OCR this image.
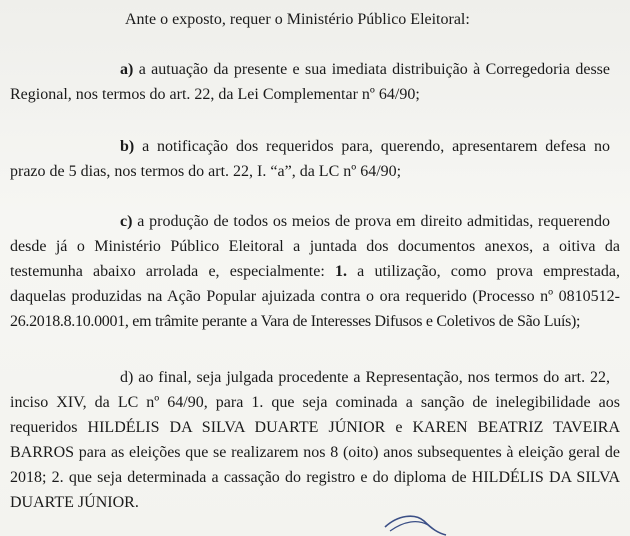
Ante o exposto, requer o Ministério Público Eleitoral:
a) a autuação da presente e sua imediata distribuição à Corregedoria desse
Regional, nos termos do art. 22, da Lei Complementar nº 64/90;
b) a notificação dos requeridos para, querendo, apresentarem defesa no
prazo de 5 dias, nos termos do art. 22, I. “a”, da LC nº 64/90;
c) a produção de todos os meios de prova em direito admitidas, requerendo
desde já o Ministério Público Eleitoral a juntada dos documentos anexos, a oitiva da
testemunha abaixo arrolada e, especialmente: 1. a utilização, como prova emprestada,
daquelas produzidas na Ação Popular ajuizada contra o ora requerido (Processo nº 0810512-
26.2018.8.10.0001, em trâmite perante a Vara de Interesses Difusos e Coletivos de São Luís);
d) ao final, seja julgada procedente a Representação, nos termos do art. 22,
inciso XIV, da LC nº 64/90, para 1. que seja cominada a sanção de inelegibilidade aos
requeridos HILDÉLIS DA SILVA DUARTE JÚNIOR e KAREN BEATRIZ TAVEIRA
BARROS para as eleições que se realizarem nos 8 (oito) anos subsequentes à eleição geral de
2018; 2. que seja determinada a cassação do registro e do diploma de HILDÉLIS DA SILVA
DUARTE JÚNIOR.
